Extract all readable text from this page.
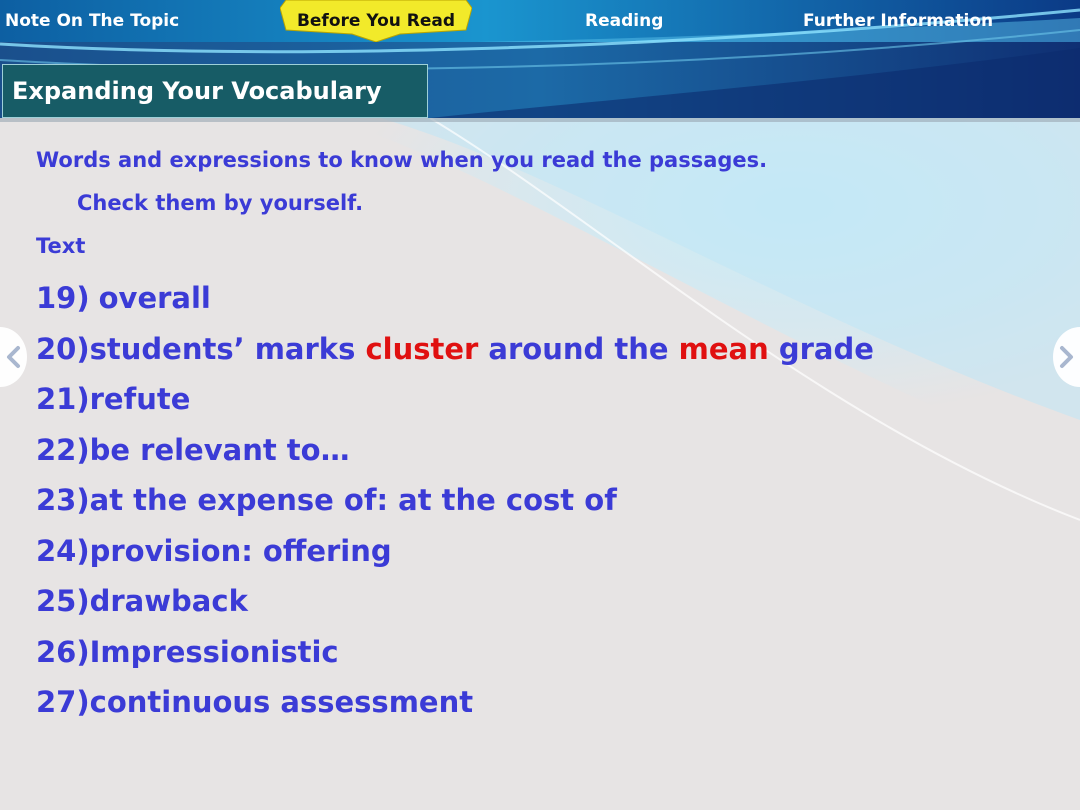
Note On The Topic	Before You Read	Reading	Further Information
Expanding Your Vocabulary
Words and expressions to know when you read the passages.
Check them by yourself.
Text
19) overall
20)students’ marks cluster around the mean grade
21)refute
22)be relevant to…
23)at the expense of: at the cost of
24)provision: offering
25)drawback
26)Impressionistic
27)continuous assessment
